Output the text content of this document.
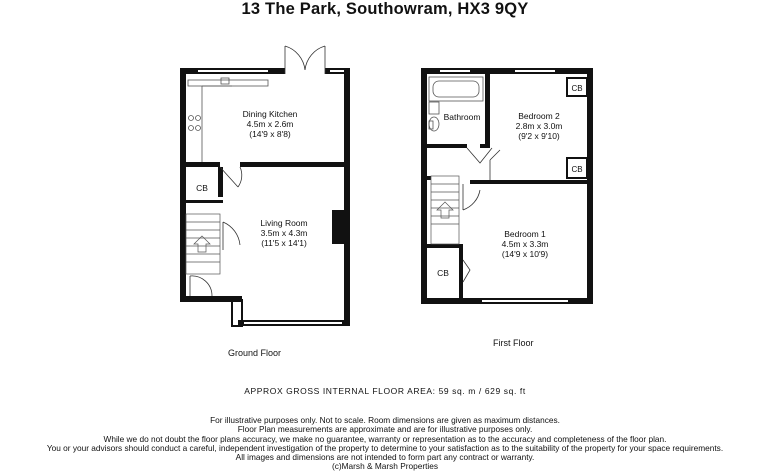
13 The Park, Southowram, HX3 9QY
Dining Kitchen
4.5m x 2.6m
(14'9 x 8'8)
Living Room
3.5m x 4.3m
(11'5 x 14'1)
CB
Bathroom	Bedroom 2
2.8m x 3.0m
(9'2 x 9'10)
Bedroom 1
4.5m x 3.3m
(14'9 x 10'9)
CB
CB
CB
Ground Floor
First Floor
APPROX GROSS INTERNAL FLOOR AREA: 59 sq. m / 629 sq. ft
For illustrative purposes only. Not to scale. Room dimensions are given as maximum distances.
Floor Plan measurements are approximate and are for illustrative purposes only.
While we do not doubt the floor plans accuracy, we make no guarantee, warranty or representation as to the accuracy and completeness of the floor plan.
You or your advisors should conduct a careful, independent investigation of the property to determine to your satisfaction as to the suitability of the property for your space requirements.
All images and dimensions are not intended to form part any contract or warranty.
(c)Marsh & Marsh Properties
